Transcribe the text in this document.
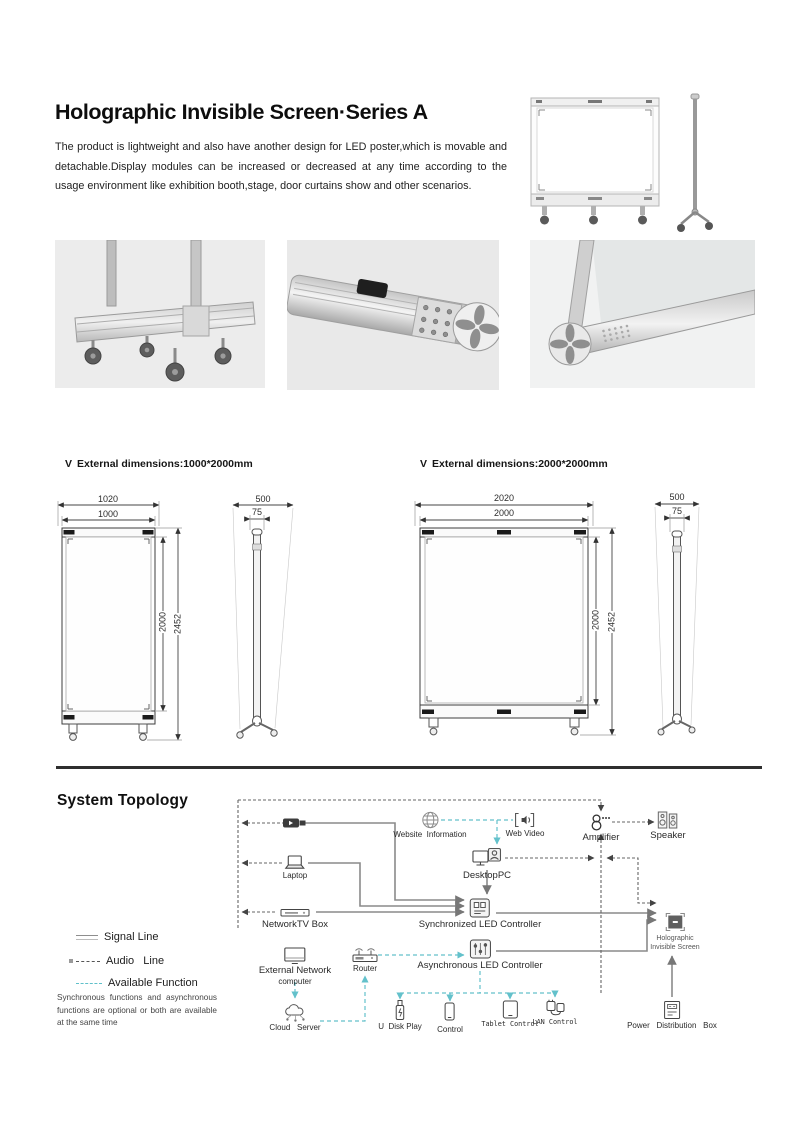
Holographic Invisible Screen·Series A

The product is lightweight and also have another design for LED poster,which is movable and detachable.Display modules can be increased or decreased at any time according to the usage environment like exhibition booth,stage, door curtains show and other scenarios.

V External dimensions:1000*2000mm	V External dimensions:2000*2000mm
1020
1000
2000 2452
500
75
2020
2000
2000 2452
500
75
System Topology
Signal Line
Audio   Line
Available Function

Synchronous functions and asynchronous functions are optional or both are available at the same time

Website  Information	Web Video	Amplifier	Speaker
Laptop	DesktopPC
NetworkTV Box	Synchronized LED Controller
Asynchronous LED Controller
Holographic
Invisible Screen
External Network
computer
Router
Cloud   Server	U  Disk Play Control
Tablet Control
LAN Control	Power   Distribution   Box
